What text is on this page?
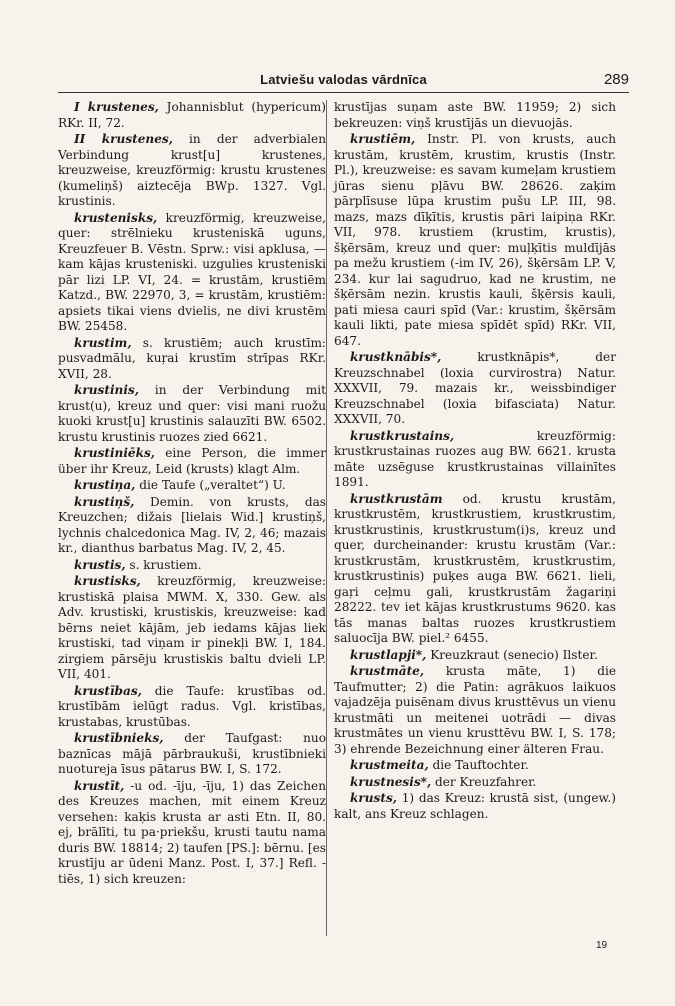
Latviešu valodas vārdnīca	289

I krustenes, Johannisblut (hypericum) RKr. II, 72.

II krustenes, in der adverbialen Verbindung krust[u] krustenes, kreuzweise, kreuzförmig: krustu krustenes (kumeliņš) aiztecēja BWp. 1327. Vgl. krustinis.

krustenisks, kreuzförmig, kreuzweise, quer: strēlnieku krusteniskā uguns, Kreuzfeuer B. Vēstn. Sprw.: visi apklusa, — kam kājas krusteniski. uzgulies krusteniski pār lizi LP. VI, 24. = krustām, krustiēm Katzd., BW. 22970, 3, = krustām, krustiēm: apsiets tikai viens dvielis, ne divi krustēm BW. 25458.

krustim, s. krustiēm; auch krustīm: pusvadmālu, kuŗai krustīm strīpas RKr. XVII, 28.

krustinis, in der Verbindung mit krust(u), kreuz und quer: visi mani ruožu kuoki krust[u] krustinis salauzīti BW. 6502. krustu krustinis ruozes zied 6621.

krustiniēks, eine Person, die immer über ihr Kreuz, Leid (krusts) klagt Alm.

krustiņa, die Taufe („veraltet“) U.

krustiņš, Demin. von krusts, das Kreuzchen; dižais [lielais Wid.] krustiņš, lychnis chalcedonica Mag. IV, 2, 46; mazais kr., dianthus barbatus Mag. IV, 2, 45.

krustis, s. krustiem.

krustisks, kreuzförmig, kreuzweise: krustiskā plaisa MWM. X, 330. Gew. als Adv. krustiski, krustiskis, kreuzweise: kad bērns neiet kājām, jeb iedams kājas liek krustiski, tad viņam ir pinekļi BW. I, 184. zirgiem pārsēju krustiskis baltu dvieli LP. VII, 401.

krustības, die Taufe: krustības od. krustībām ielūgt radus. Vgl. kristības, krustabas, krustūbas.

krustībnieks, der Taufgast: nuo baznīcas mājā pārbraukuši, krustībnieki nuotureja īsus pātarus BW. I, S. 172.

krustīt, -u od. -īju, -īju, 1) das Zeichen des Kreuzes machen, mit einem Kreuz versehen: kaķis krusta ar asti Etn. II, 80. ej, brālīti, tu pa·priekšu, krusti tautu nama duris BW. 18814; 2) taufen [PS.]: bērnu. [es krustīju ar ūdeni Manz. Post. I, 37.] Refl. -tiēs, 1) sich kreuzen:

krustījas suņam aste BW. 11959; 2) sich bekreuzen: viņš krustījās un dievuojās.

krustiēm, Instr. Pl. von krusts, auch krustām, krustēm, krustim, krustis (Instr. Pl.), kreuzweise: es savam kumeļam krustiem jūras sienu pļāvu BW. 28626. zaķim pārplīsuse lūpa krustim pušu LP. III, 98. mazs, mazs dīķītis, krustis pāri laipiņa RKr. VII, 978. krustiem (krustim, krustis), šķērsām, kreuz und quer: muļķītis muldījās pa mežu krustiem (-im IV, 26), šķērsām LP. V, 234. kur lai sagudruo, kad ne krustim, ne šķērsām nezin. krustis kauli, šķērsis kauli, pati miesa cauri spīd (Var.: krustim, šķērsām kauli likti, pate miesa spīdēt spīd) RKr. VII, 647.

krustknābis*, krustknāpis*, der Kreuzschnabel (loxia curvirostra) Natur. XXXVII, 79. mazais kr., weissbindiger Kreuzschnabel (loxia bifasciata) Natur. XXXVII, 70.

krustkrustains, kreuzförmig: krustkrustainas ruozes aug BW. 6621. krusta māte uzsēguse krustkrustainas villainītes 1891.

krustkrustām od. krustu krustām, krustkrustēm, krustkrustiem, krustkrustim, krustkrustinis, krustkrustum(i)s, kreuz und quer, durcheinander: krustu krustām (Var.: krustkrustām, krustkrustēm, krustkrustim, krustkrustinis) puķes auga BW. 6621. lieli, gaŗi ceļmu gali, krustkrustām žagariņi 28222. tev iet kājas krustkrustums 9620. kas tās manas baltas ruozes krustkrustiem saluocīja BW. piel.² 6455.

krustlapji*, Kreuzkraut (senecio) Ilster.

krustmāte, krusta māte, 1) die Taufmutter; 2) die Patin: agrākuos laikuos vajadzēja puisēnam divus krusttēvus un vienu krustmāti un meitenei uotrādi — divas krustmātes un vienu krusttēvu BW. I, S. 178; 3) ehrende Bezeichnung einer älteren Frau.

krustmeita, die Tauftochter.

krustnesis*, der Kreuzfahrer.

krusts, 1) das Kreuz: krustā sist, (ungew.) kalt, ans Kreuz schlagen.

19
